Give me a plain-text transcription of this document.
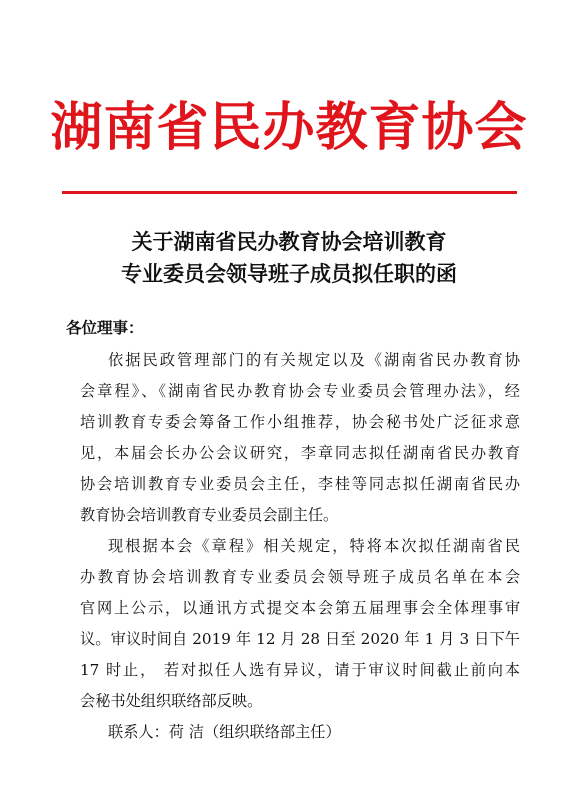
湖南省民办教育协会
关于湖南省民办教育协会培训教育
专业委员会领导班子成员拟任职的函
各位理事：
依据民政管理部门的有关规定以及《湖南省民办教育协
会章程》、《湖南省民办教育协会专业委员会管理办法》，经
培训教育专委会筹备工作小组推荐，协会秘书处广泛征求意
见，本届会长办公会议研究，李章同志拟任湖南省民办教育
协会培训教育专业委员会主任，李桂等同志拟任湖南省民办
教育协会培训教育专业委员会副主任。
现根据本会《章程》相关规定，特将本次拟任湖南省民
办教育协会培训教育专业委员会领导班子成员名单在本会
官网上公示，以通讯方式提交本会第五届理事会全体理事审
议。审议时间自 2019 年 12 月 28 日至 2020 年 1 月 3 日下午
17 时止， 若对拟任人选有异议，请于审议时间截止前向本
会秘书处组织联络部反映。
联系人：荷 洁（组织联络部主任）
